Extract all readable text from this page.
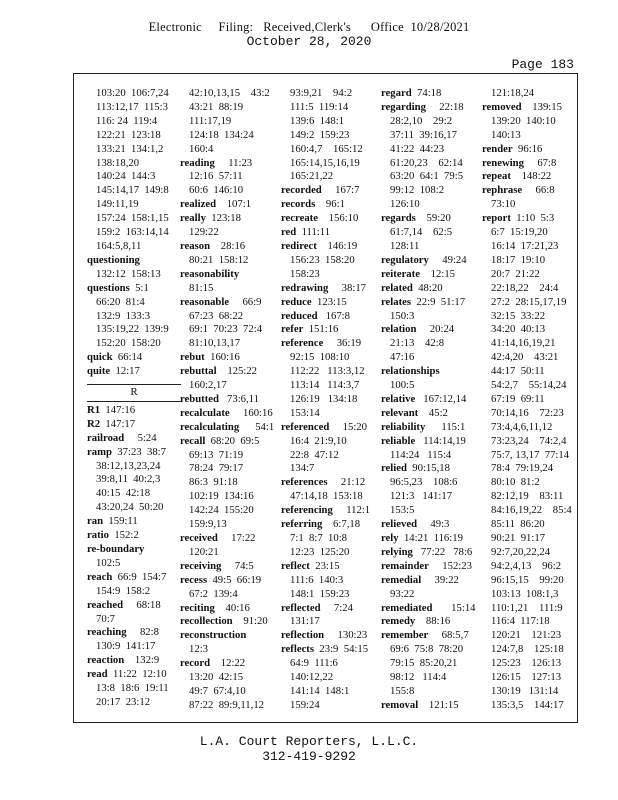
Electronic     Filing:   Received,Clerk's      Office  10/28/2021
October 28, 2020
Page 183
103:20  106:7,24
113:12,17  115:3
116: 24  119:4
122:21  123:18
133:21  134:1,2
138:18,20
140:24  144:3
145:14,17  149:8
149:11,19
157:24  158:1,15
159:2  163:14,14
164:5,8,11
questioning
132:12  158:13
questions  5:1
66:20  81:4
132:9  133:3
135:19,22  139:9
152:20  158:20
quick  66:14
quite  12:17
R
R1  147:16
R2  147:17
railroad     5:24
ramp  37:23  38:7
38:12,13,23,24
39:8,11  40:2,3
40:15  42:18
43:20,24  50:20
ran  159:11
ratio  152:2
re-boundary
102:5
reach  66:9  154:7
154:9  158:2
reached     68:18
70:7
reaching     82:8
130:9  141:17
reaction    132:9
read  11:22  12:10
13:8  18:6  19:11
20:17  23:12
42:10,13,15    43:2
43:21  88:19
111:17,19
124:18  134:24
160:4
reading     11:23
12:16  57:11
60:6  146:10
realized    107:1
really  123:18
129:22
reason    28:16
80:21  158:12
reasonability
81:15
reasonable     66:9
67:23  68:22
69:1  70:23  72:4
81:10,13,17
rebut  160:16
rebuttal    125:22
160:2,17
rebutted   73:6,11
recalculate     160:16
recalculating      54:1
recall  68:20  69:5
69:13  71:19
78:24  79:17
86:3  91:18
102:19  134:16
142:24  155:20
159:9,13
received     17:22
120:21
receiving     74:5
recess  49:5  66:19
67:2  139:4
reciting    40:16
recollection    91:20
reconstruction
12:3
record    12:22
13:20  42:15
49:7  67:4,10
87:22  89:9,11,12
93:9,21    94:2
111:5  119:14
139:6  148:1
149:2  159:23
160:4,7    165:12
165:14,15,16,19
165:21,22
recorded     167:7
records    96:1
recreate    156:10
red  111:11
redirect    146:19
156:23  158:20
158:23
redrawing     38:17
reduce  123:15
reduced   167:8
refer  151:16
reference     36:19
92:15  108:10
112:22   113:3,12
113:14   114:3,7
126:19   134:18
153:14
referenced     15:20
16:4  21:9,10
22:8  47:12
134:7
references     21:12
47:14,18  153:18
referencing     112:1
referring    6:7,18
7:1  8:7  10:8
12:23  125:20
reflect  23:15
111:6  140:3
148:1  159:23
reflected     7:24
131:17
reflection     130:23
reflects  23:9  54:15
64:9  111:6
140:12,22
141:14  148:1
159:24
regard  74:18
regarding     22:18
28:2,10    29:2
37:11  39:16,17
41:22  44:23
61:20,23    62:14
63:20  64:1  79:5
99:12  108:2
126:10
regards    59:20
61:7,14    62:5
128:11
regulatory     49:24
reiterate    12:15
related  48:20
relates  22:9  51:17
150:3
relation     20:24
21:13    42:8
47:16
relationships
100:5
relative   167:12,14
relevant    45:2
reliability      115:1
reliable   114:14,19
114:24   115:4
relied  90:15,18
96:5,23    108:6
121:3   141:17
153:5
relieved     49:3
rely  14:21  116:19
relying   77:22   78:6
remainder     152:23
remedial     39:22
93:22
remediated       15:14
remedy    88:16
remember     68:5,7
69:6  75:8  78:20
79:15  85:20,21
98:12   114:4
155:8
removal    121:15
121:18,24
removed    139:15
139:20  140:10
140:13
render  96:16
renewing     67:8
repeat    148:22
rephrase     66:8
73:10
report  1:10  5:3
6:7  15:19,20
16:14  17:21,23
18:17  19:10
20:7  21:22
22:18,22    24:4
27:2  28:15,17,19
32:15  33:22
34:20  40:13
41:14,16,19,21
42:4,20    43:21
44:17  50:11
54:2,7    55:14,24
67:19  69:11
70:14,16    72:23
73:4,4,6,11,12
73:23,24    74:2,4
75:7, 13,17  77:14
78:4  79:19,24
80:10  81:2
82:12,19    83:11
84:16,19,22    85:4
85:11  86:20
90:21  91:17
92:7,20,22,24
94:2,4,13    96:2
96:15,15    99:20
103:13  108:1,3
110:1,21    111:9
116:4  117:18
120:21    121:23
124:7,8    125:18
125:23    126:13
126:15    127:13
130:19   131:14
135:3,5    144:17
L.A. Court Reporters, L.L.C.
312-419-9292
